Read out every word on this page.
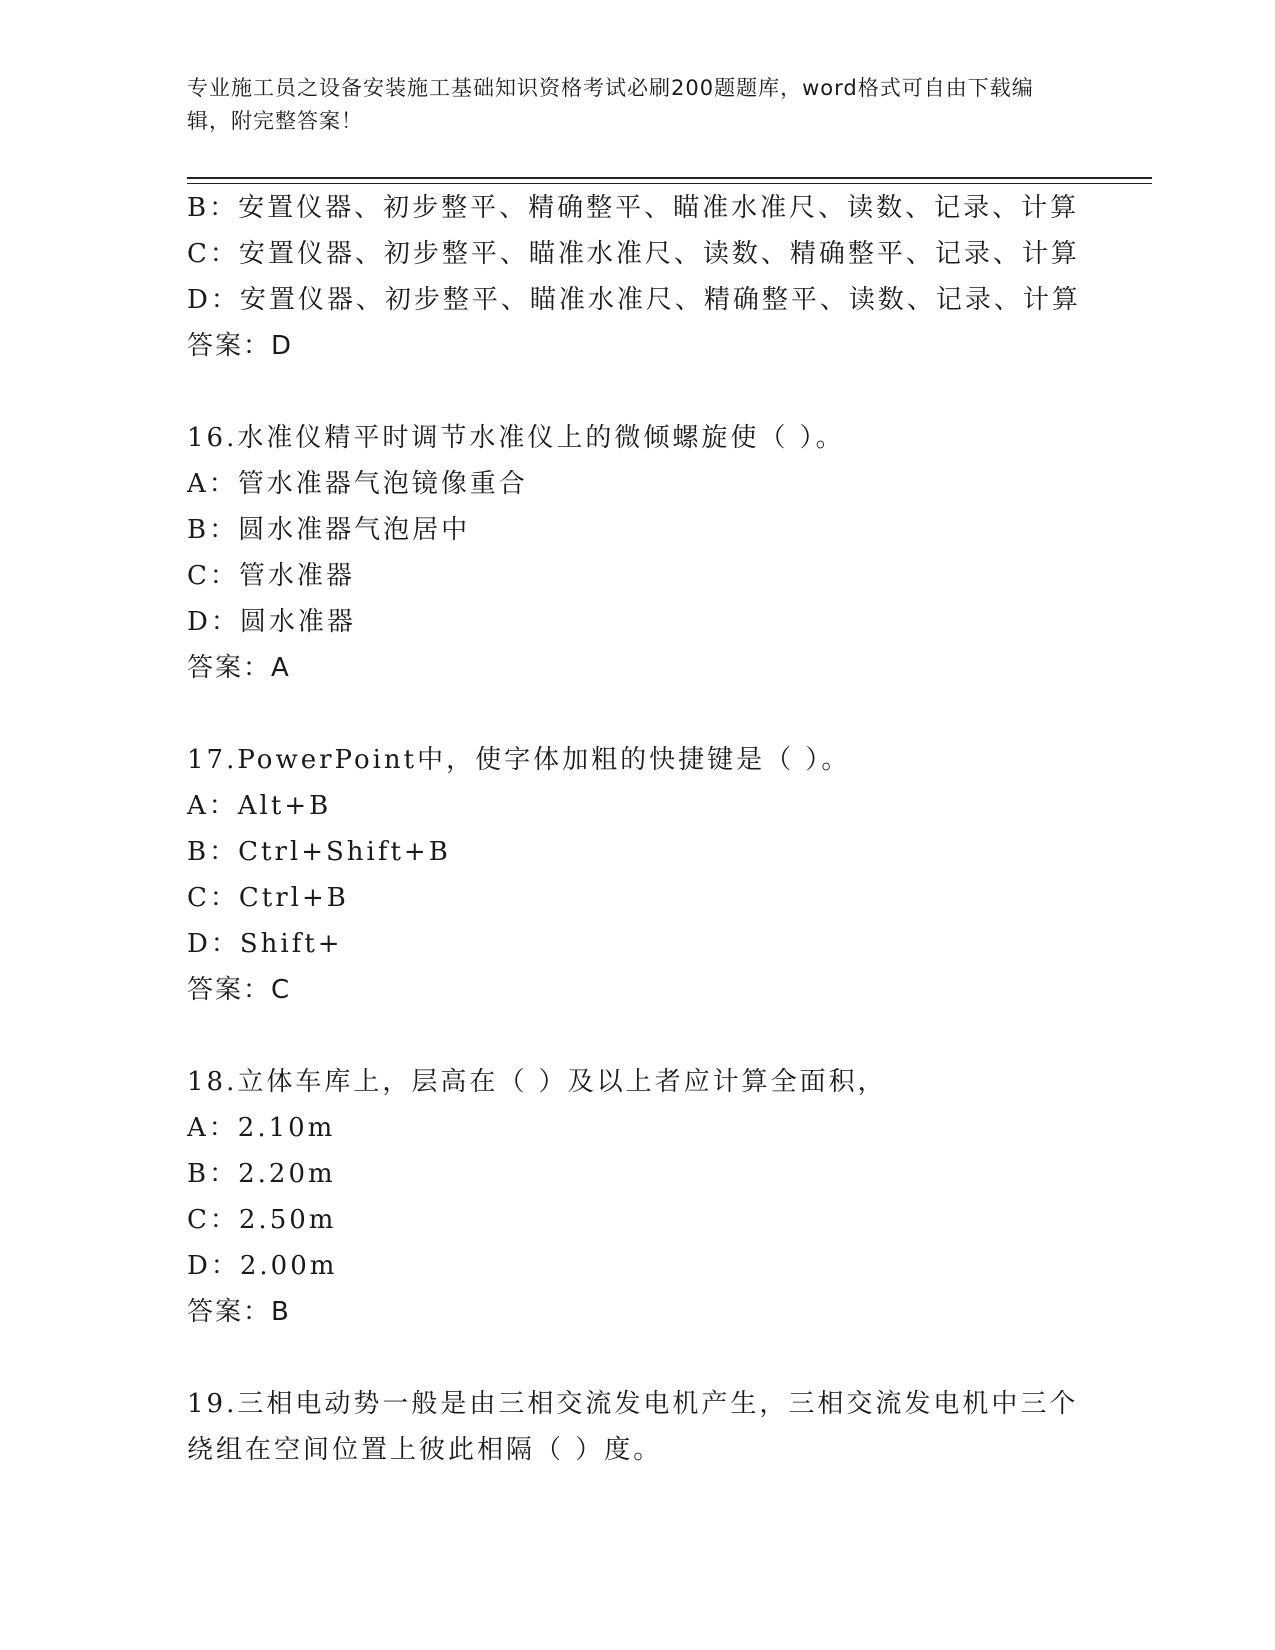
专业施工员之设备安装施工基础知识资格考试必刷200题题库，word格式可自由下载编辑，附完整答案！
B：安置仪器、初步整平、精确整平、瞄准水准尺、读数、记录、计算
C：安置仪器、初步整平、瞄准水准尺、读数、精确整平、记录、计算
D：安置仪器、初步整平、瞄准水准尺、精确整平、读数、记录、计算
答案：D
16.水准仪精平时调节水准仪上的微倾螺旋使（ ）。
A：管水准器气泡镜像重合
B：圆水准器气泡居中
C：管水准器
D：圆水准器
答案：A
17.PowerPoint中，使字体加粗的快捷键是（ ）。
A：Alt+B
B：Ctrl+Shift+B
C：Ctrl+B
D：Shift+
答案：C
18.立体车库上，层高在（ ）及以上者应计算全面积，
A：2.10m
B：2.20m
C：2.50m
D：2.00m
答案：B
19.三相电动势一般是由三相交流发电机产生，三相交流发电机中三个绕组在空间位置上彼此相隔（ ）度。
